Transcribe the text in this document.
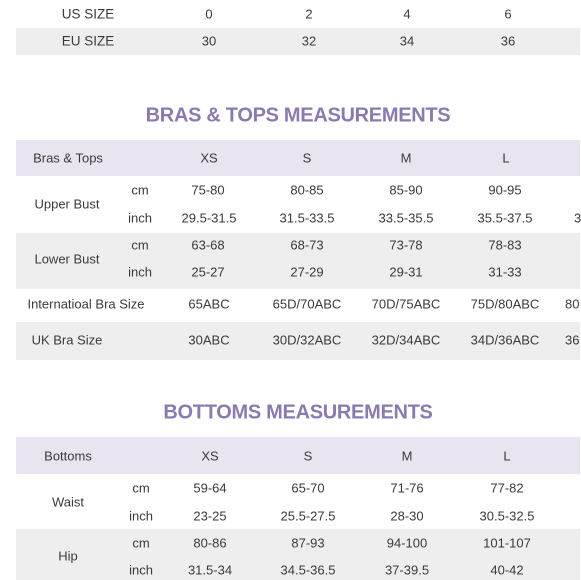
US SIZE	0	2	4	6
EU SIZE	30	32	34	36
BRAS & TOPS MEASUREMENTS
Bras & Tops	XS	S	M	L
Upper Bust
cm	75-80	80-85	85-90	90-95
inch 29.5-31.5	31.5-33.5	33.5-35.5	35.5-37.5	3
Lower Bust
cm	63-68	68-73	73-78	78-83
inch	25-27	27-29	29-31	31-33
Internatioal Bra Size	65ABC	65D/70ABC 70D/75ABC 75D/80ABC 80
UK Bra Size	30ABC	30D/32ABC 32D/34ABC 34D/36ABC 36
BOTTOMS MEASUREMENTS
Bottoms	XS	S	M	L
Waist
cm	59-64	65-70	71-76	77-82
inch	23-25	25.5-27.5	28-30	30.5-32.5
Hip
cm	80-86	87-93	94-100	101-107
inch	31.5-34	34.5-36.5	37-39.5	40-42
